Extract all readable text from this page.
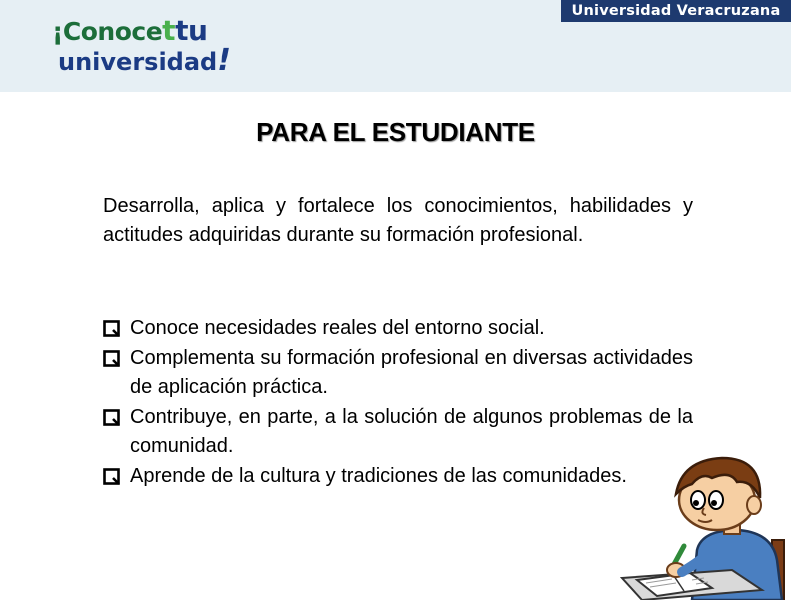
¡Conocettu
universidad!
Universidad Veracruzana
PARA EL ESTUDIANTE
Desarrolla, aplica y fortalece los conocimientos, habilidades y actitudes adquiridas durante su formación profesional.
Conoce necesidades reales del entorno social.
Complementa su formación profesional en diversas actividades de aplicación práctica.
Contribuye, en parte, a la solución de algunos problemas de la comunidad.
Aprende de la cultura y tradiciones de las comunidades.
